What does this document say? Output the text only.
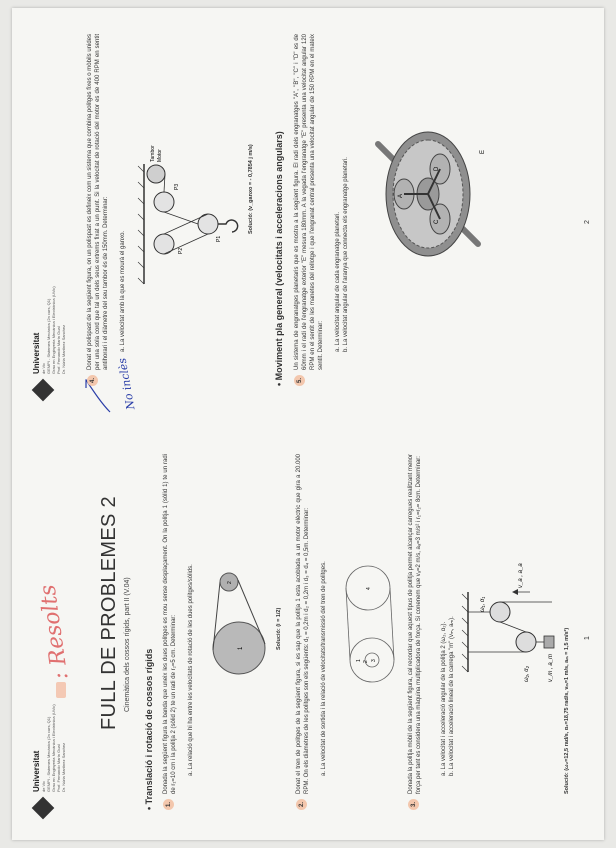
Universitat de Vic GEMPI - Sistemes Mecànics (2n curs, Q1) Grau en Enginyeria Mecànica i Electrònica (UVic) Prof. Fernando Marín Gual Dr. Núria Martínez Sanchez
: Resolts FULL DE PROBLEMES 2 Cinemàtica dels cossos rígids, part II (V.04)
• Translació i rotació de cossos rígids
1.
Donada la següent figura la banda que uneix les dues politges es mou sense desplaçament. On la politja 1 (sòlid 1) te un radi de r₁=10 cm i la politja 2 (sòlid 2) te un radi de r₂=5 cm. Determinar: a. La relació que hi ha entre les velocitats de rotació de les dues politges/sòlids.	1
2
Solució: (i = 1/2)
2.
Donat el tren de politges de la següent figura, si es sap que la politja 1 esta acoblada a un motor elèctric que gira a 20.000 RPM. On els diàmetres de les politges son els següents: d₁ = 0,2m i d₂ = 0,2m i d₃ = d₄ = 0,5m. Determinar: a. La velocitat de sortida i la relació de velocitats/transmissió del tren de politges.	1 2 3
4
3.
Donada la politja mòbil de la següent figura, cal recordar que aquest tipus de politja permet alcançar carregues realitzant menor força per tant es considera una màquina multiplicadora de força. Si conenem que vₐ=2 m/s, aₐ=3 m/s² i r₁=r₂= 8cm. Determinar:	a. La velocitat i acceleració angular de la politja 2 (ω₂, α₂). b. La velocitat i acceleració lineal de la carrega "m" (vₘ, aₘ).
ω₁, α₁
v_a , a_a
ω₂, α₂	v_m , a_m Solució: (ω₂=12,5 rad/s, α₂=18,75 rad/s, vₘ=1 m/s, aₘ = 1,5 m/s²) 1
Universitat de Vic GEMPI - Sistemes Mecànics (2n curs, Q1) Grau en Enginyeria Mecànica i Electrònica (UVic) Prof. Fernando Marín Gual Dr. Núria Martínez Sanchez
No inclès
4.
Donat el polispast de la següent figura, on un polispast es defineix com un sistema que combina politges fixes o mòbils unides per una sola cord que tal un dels seus extrems fixat a un punt. Si la velocitat de rotació del motor es de 400 RPM en sentit antihorari i el diàmetre del seu tambor és de 150mm. Determinar: a. La velocitat amb la que es mourà el ganxo.
Tambor Motor
P2
P3
P1
Solució: (v_ganxo = - 0,7854 j m/s)
• Moviment pla general (velocitats i acceleracions angulars)
5.
Un sistema de engranatges planetaris que es mostra a la següent figura. El radi dels engranatges "A", "B", "C" i "D" es de 60mm i el radi de l'engranatge exterior "E" mesura 180mm. A la vegada l'engranatge "E" presenta una velocitat angular 120 RPM en el sentit de les manetes del rellotge i que l'engranat central presenta una velocitat angular de 150 RPM en el mateix sentit. Determinar: a. La velocitat angular de cada engranatge planetari. b. La velocitat angular de l'aranya que connecta els engranatge planetari.	A
C
D
E
2
